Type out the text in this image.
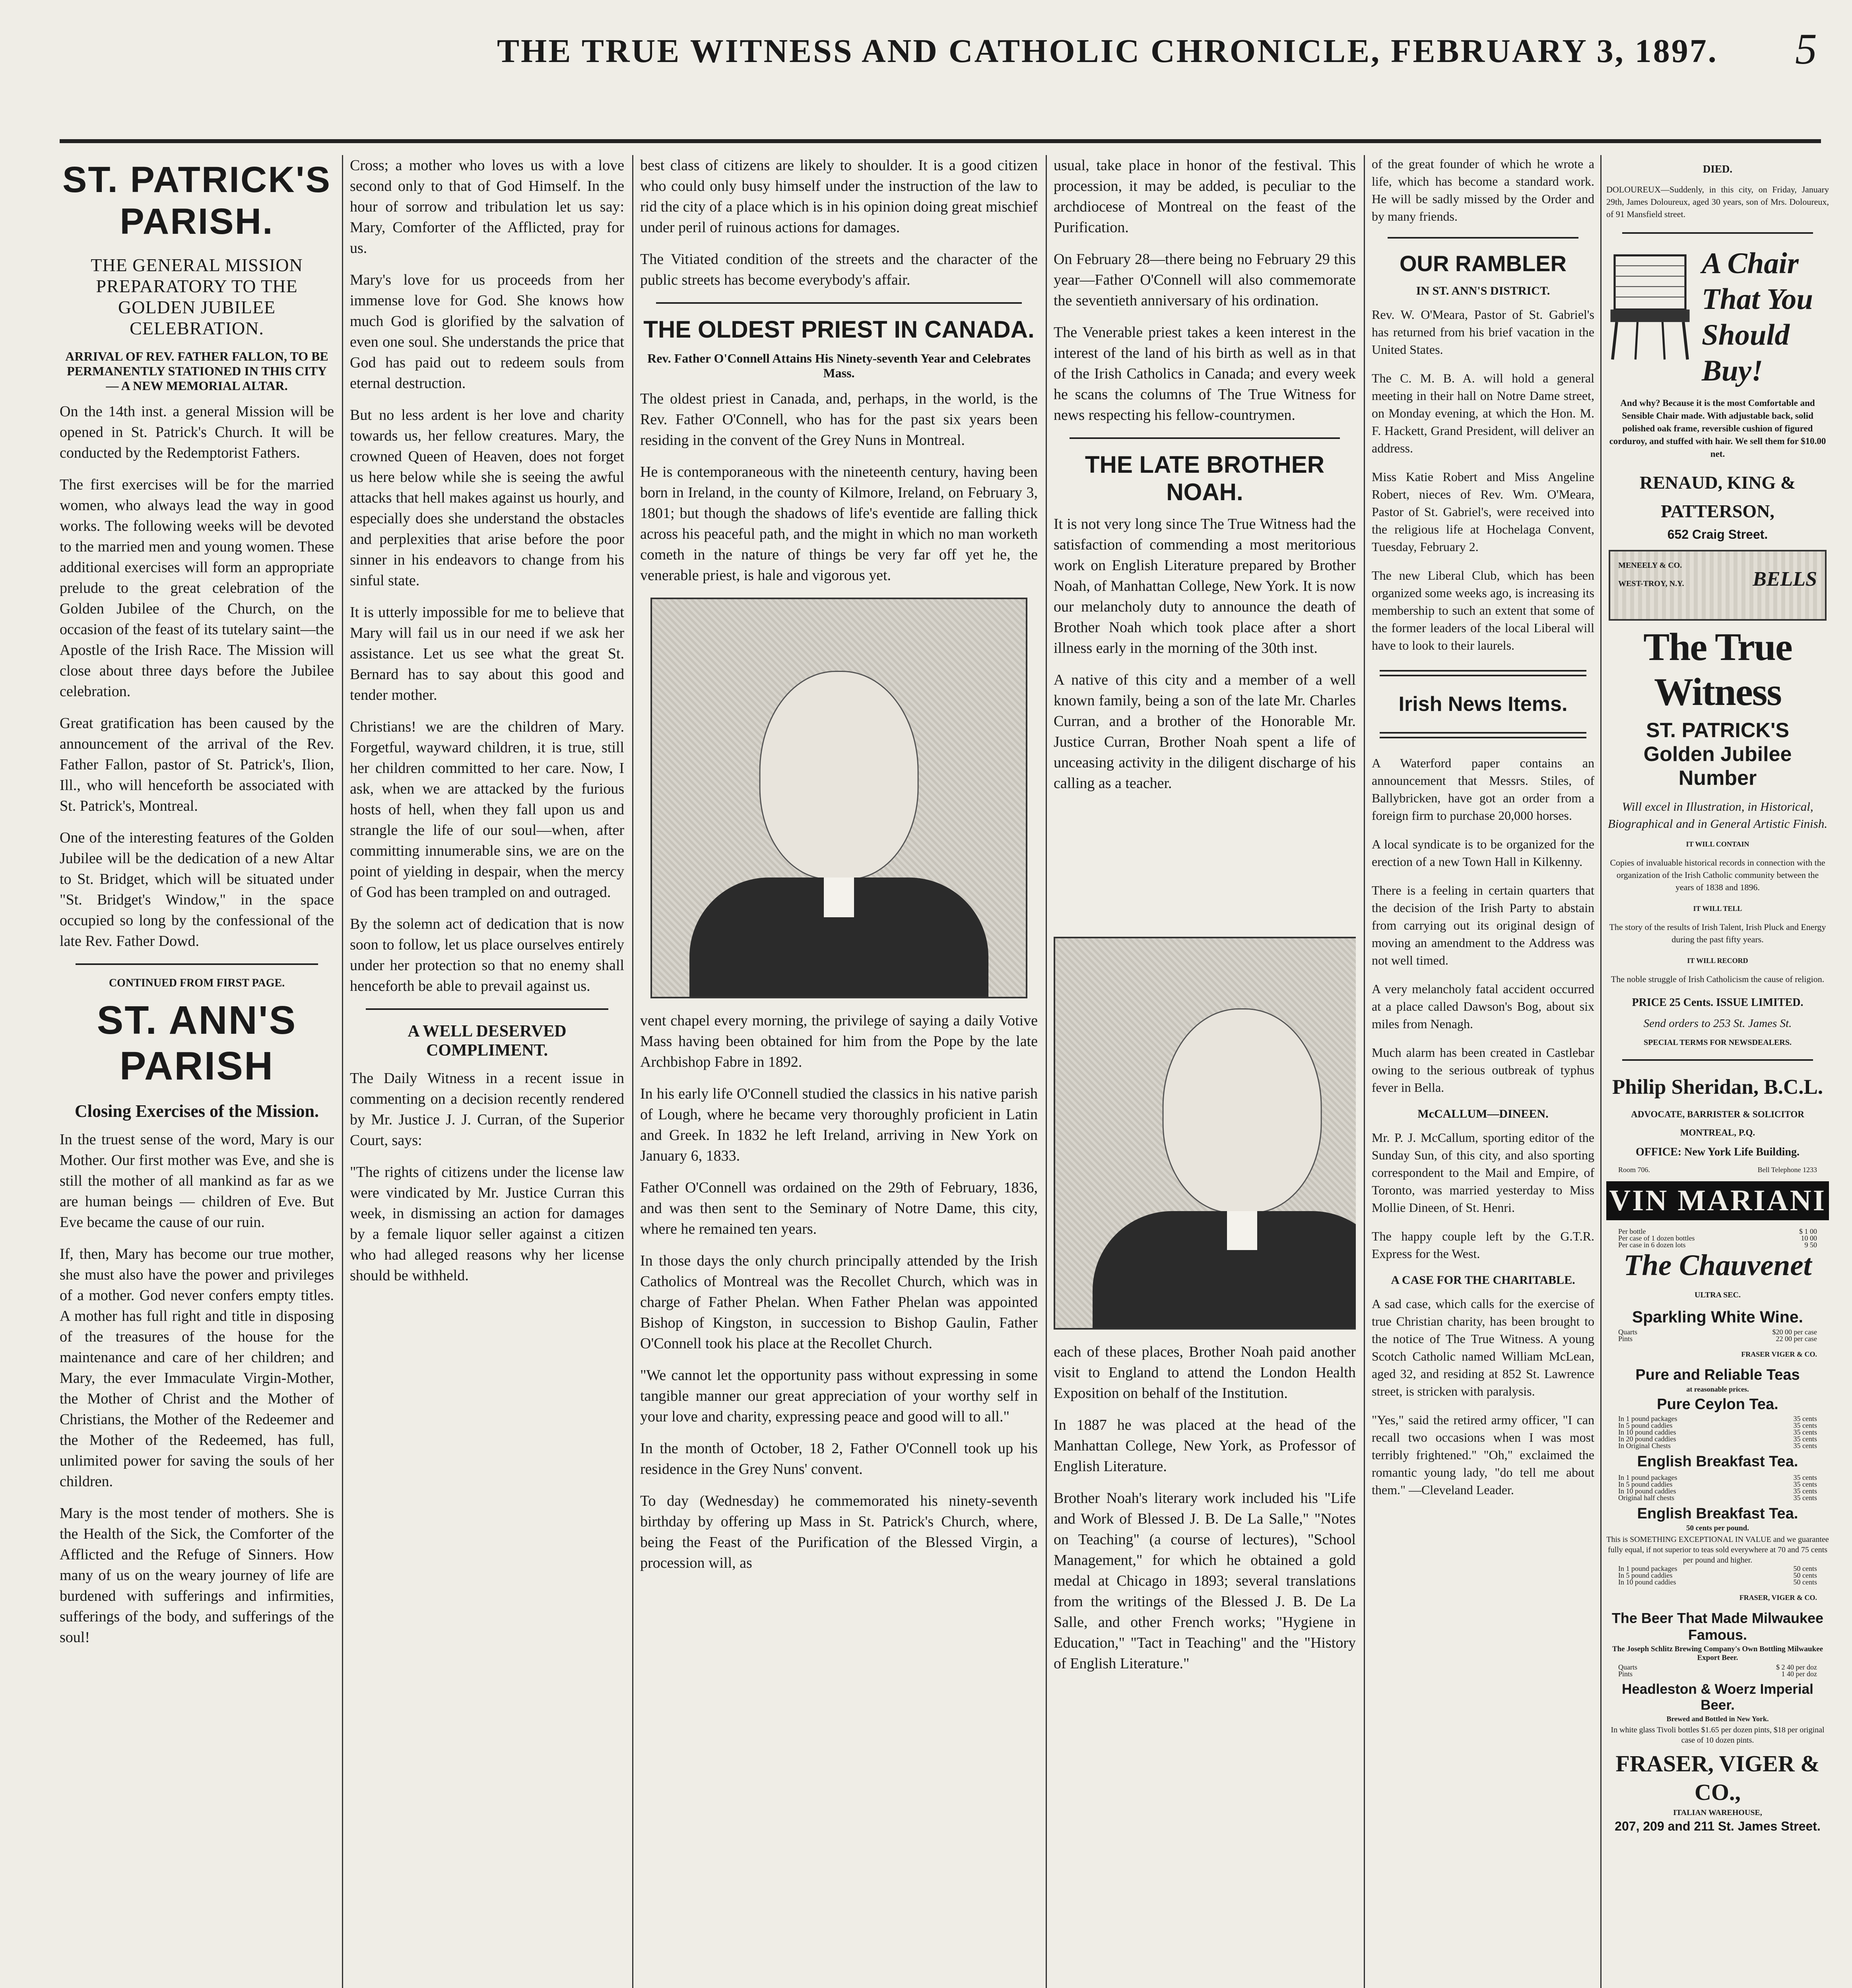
THE TRUE WITNESS AND CATHOLIC CHRONICLE, FEBRUARY 3, 1897. 5
ST. PATRICK'S PARISH.
THE GENERAL MISSION PREPARATORY TO THE GOLDEN JUBILEE CELEBRATION.
ARRIVAL OF REV. FATHER FALLON, TO BE PERMANENTLY STATIONED IN THIS CITY — A NEW MEMORIAL ALTAR.

On the 14th inst. a general Mission will be opened in St. Patrick's Church. It will be conducted by the Redemptorist Fathers.

The first exercises will be for the married women, who always lead the way in good works. The following weeks will be devoted to the married men and young women. These additional exercises will form an appropriate prelude to the great celebration of the Golden Jubilee of the Church, on the occasion of the feast of its tutelary saint—the Apostle of the Irish Race. The Mission will close about three days before the Jubilee celebration.

Great gratification has been caused by the announcement of the arrival of the Rev. Father Fallon, pastor of St. Patrick's, Ilion, Ill., who will henceforth be associated with St. Patrick's, Montreal.

One of the interesting features of the Golden Jubilee will be the dedication of a new Altar to St. Bridget, which will be situated under "St. Bridget's Window," in the space occupied so long by the confessional of the late Rev. Father Dowd.

CONTINUED FROM FIRST PAGE.
ST. ANN'S PARISH
Closing Exercises of the Mission.

In the truest sense of the word, Mary is our Mother. Our first mother was Eve, and she is still the mother of all mankind as far as we are human beings — children of Eve. But Eve became the cause of our ruin.

If, then, Mary has become our true mother, she must also have the power and privileges of a mother. God never confers empty titles. A mother has full right and title in disposing of the treasures of the house for the maintenance and care of her children; and Mary, the ever Immaculate Virgin-Mother, the Mother of Christ and the Mother of Christians, the Mother of the Redeemer and the Mother of the Redeemed, has full, unlimited power for saving the souls of her children.

Mary is the most tender of mothers. She is the Health of the Sick, the Comforter of the Afflicted and the Refuge of Sinners. How many of us on the weary journey of life are burdened with sufferings and infirmities, sufferings of the body, and sufferings of the soul!

Cross; a mother who loves us with a love second only to that of God Himself. In the hour of sorrow and tribulation let us say: Mary, Comforter of the Afflicted, pray for us.

Mary's love for us proceeds from her immense love for God. She knows how much God is glorified by the salvation of even one soul. She understands the price that God has paid out to redeem souls from eternal destruction.

But no less ardent is her love and charity towards us, her fellow creatures. Mary, the crowned Queen of Heaven, does not forget us here below while she is seeing the awful attacks that hell makes against us hourly, and especially does she understand the obstacles and perplexities that arise before the poor sinner in his endeavors to change from his sinful state.

It is utterly impossible for me to believe that Mary will fail us in our need if we ask her assistance. Let us see what the great St. Bernard has to say about this good and tender mother.

Christians! we are the children of Mary. Forgetful, wayward children, it is true, still her children committed to her care. Now, I ask, when we are attacked by the furious hosts of hell, when they fall upon us and strangle the life of our soul—when, after committing innumerable sins, we are on the point of yielding in despair, when the mercy of God has been trampled on and outraged.

By the solemn act of dedication that is now soon to follow, let us place ourselves entirely under her protection so that no enemy shall henceforth be able to prevail against us.

A WELL DESERVED COMPLIMENT.

The Daily Witness in a recent issue in commenting on a decision recently rendered by Mr. Justice J. J. Curran, of the Superior Court, says:

"The rights of citizens under the license law were vindicated by Mr. Justice Curran this week, in dismissing an action for damages by a female liquor seller against a citizen who had alleged reasons why her license should be withheld.

best class of citizens are likely to shoulder. It is a good citizen who could only busy himself under the instruction of the law to rid the city of a place which is in his opinion doing great mischief under peril of ruinous actions for damages.

The Vitiated condition of the streets and the character of the public streets has become everybody's affair.

THE OLDEST PRIEST IN CANADA.
Rev. Father O'Connell Attains His Ninety-seventh Year and Celebrates Mass.

The oldest priest in Canada, and, perhaps, in the world, is the Rev. Father O'Connell, who has for the past six years been residing in the convent of the Grey Nuns in Montreal.

He is contemporaneous with the nineteenth century, having been born in Ireland, in the county of Kilmore, Ireland, on February 3, 1801; but though the shadows of life's eventide are falling thick across his peaceful path, and the might in which no man worketh cometh in the nature of things be very far off yet he, the venerable priest, is hale and vigorous yet.

vent chapel every morning, the privilege of saying a daily Votive Mass having been obtained for him from the Pope by the late Archbishop Fabre in 1892.

In his early life O'Connell studied the classics in his native parish of Lough, where he became very thoroughly proficient in Latin and Greek. In 1832 he left Ireland, arriving in New York on January 6, 1833.

Father O'Connell was ordained on the 29th of February, 1836, and was then sent to the Seminary of Notre Dame, this city, where he remained ten years.

In those days the only church principally attended by the Irish Catholics of Montreal was the Recollet Church, which was in charge of Father Phelan. When Father Phelan was appointed Bishop of Kingston, in succession to Bishop Gaulin, Father O'Connell took his place at the Recollet Church.

"We cannot let the opportunity pass without expressing in some tangible manner our great appreciation of your worthy self in your love and charity, expressing peace and good will to all."

In the month of October, 18 2, Father O'Connell took up his residence in the Grey Nuns' convent.

To day (Wednesday) he commemorated his ninety-seventh birthday by offering up Mass in St. Patrick's Church, where, being the Feast of the Purification of the Blessed Virgin, a procession will, as

usual, take place in honor of the festival. This procession, it may be added, is peculiar to the archdiocese of Montreal on the feast of the Purification.

On February 28—there being no February 29 this year—Father O'Connell will also commemorate the seventieth anniversary of his ordination.

The Venerable priest takes a keen interest in the interest of the land of his birth as well as in that of the Irish Catholics in Canada; and every week he scans the columns of The True Witness for news respecting his fellow-countrymen.

THE LATE BROTHER NOAH.

It is not very long since The True Witness had the satisfaction of commending a most meritorious work on English Literature prepared by Brother Noah, of Manhattan College, New York. It is now our melancholy duty to announce the death of Brother Noah which took place after a short illness early in the morning of the 30th inst.

A native of this city and a member of a well known family, being a son of the late Mr. Charles Curran, and a brother of the Honorable Mr. Justice Curran, Brother Noah spent a life of unceasing activity in the diligent discharge of his calling as a teacher.

each of these places, Brother Noah paid another visit to England to attend the London Health Exposition on behalf of the Institution.

In 1887 he was placed at the head of the Manhattan College, New York, as Professor of English Literature.

Brother Noah's literary work included his "Life and Work of Blessed J. B. De La Salle," "Notes on Teaching" (a course of lectures), "School Management," for which he obtained a gold medal at Chicago in 1893; several translations from the writings of the Blessed J. B. De La Salle, and other French works; "Hygiene in Education," "Tact in Teaching" and the "History of English Literature."

DIED.

DOLOUREUX—Suddenly, in this city, on Friday, January 29th, James Doloureux, aged 30 years, son of Mrs. Doloureux, of 91 Mansfield street.

A Chair
That You
Should Buy!
And why? Because it is the most Comfortable and Sensible Chair made. With adjustable back, solid polished oak frame, reversible cushion of figured corduroy, and stuffed with hair. We sell them for $10.00 net.
RENAUD, KING & PATTERSON,
652 Craig Street.
MENEELY & CO.
WEST-TROY, N.Y.	BELLS
The True Witness
ST. PATRICK'S
Golden Jubilee Number
Will excel in Illustration, in Historical, Biographical and in General Artistic Finish.
IT WILL CONTAIN

Copies of invaluable historical records in connection with the organization of the Irish Catholic community between the years of 1838 and 1896.

IT WILL TELL

The story of the results of Irish Talent, Irish Pluck and Energy during the past fifty years.

IT WILL RECORD

The noble struggle of Irish Catholicism the cause of religion.

PRICE 25 Cents. ISSUE LIMITED.
Send orders to 253 St. James St.
SPECIAL TERMS FOR NEWSDEALERS.
Philip Sheridan, B.C.L.
ADVOCATE, BARRISTER & SOLICITOR
MONTREAL, P.Q.
OFFICE: New York Life Building.
Room 706.	Bell Telephone 1233
VIN MARIANI
Per bottle	$ 1 00
Per case of 1 dozen bottles	10 00
Per case in 6 dozen lots	9 50
The Chauvenet
ULTRA SEC.
Sparkling White Wine.
Quarts	$20 00 per case
Pints	22 00 per case
FRASER VIGER & CO.
Pure and Reliable Teas
at reasonable prices.
Pure Ceylon Tea.
In 1 pound packages	35 cents
In 5 pound caddies	35 cents
In 10 pound caddies	35 cents
In 20 pound caddies	35 cents
In Original Chests	35 cents
English Breakfast Tea.
In 1 pound packages	35 cents
In 5 pound caddies	35 cents
In 10 pound caddies	35 cents
Original half chests	35 cents
English Breakfast Tea.
50 cents per pound.
This is SOMETHING EXCEPTIONAL IN VALUE and we guarantee fully equal, if not superior to teas sold everywhere at 70 and 75 cents per pound and higher.
In 1 pound packages	50 cents
In 5 pound caddies	50 cents
In 10 pound caddies	50 cents
FRASER, VIGER & CO.
The Beer That Made Milwaukee Famous.
The Joseph Schlitz Brewing Company's Own Bottling Milwaukee Export Beer.
Quarts	$ 2 40 per doz
Pints	1 40 per doz
Headleston & Woerz Imperial Beer.
Brewed and Bottled in New York.
In white glass Tivoli bottles $1.65 per dozen pints, $18 per original case of 10 dozen pints.
FRASER, VIGER & CO.,
ITALIAN WAREHOUSE,
207, 209 and 211 St. James Street.

of the great founder of which he wrote a life, which has become a standard work. He will be sadly missed by the Order and by many friends.

OUR RAMBLER
IN ST. ANN'S DISTRICT.

Rev. W. O'Meara, Pastor of St. Gabriel's has returned from his brief vacation in the United States.

The C. M. B. A. will hold a general meeting in their hall on Notre Dame street, on Monday evening, at which the Hon. M. F. Hackett, Grand President, will deliver an address.

Miss Katie Robert and Miss Angeline Robert, nieces of Rev. Wm. O'Meara, Pastor of St. Gabriel's, were received into the religious life at Hochelaga Convent, Tuesday, February 2.

The new Liberal Club, which has been organized some weeks ago, is increasing its membership to such an extent that some of the former leaders of the local Liberal will have to look to their laurels.

Irish News Items.

A Waterford paper contains an announcement that Messrs. Stiles, of Ballybricken, have got an order from a foreign firm to purchase 20,000 horses.

A local syndicate is to be organized for the erection of a new Town Hall in Kilkenny.

There is a feeling in certain quarters that the decision of the Irish Party to abstain from carrying out its original design of moving an amendment to the Address was not well timed.

A very melancholy fatal accident occurred at a place called Dawson's Bog, about six miles from Nenagh.

Much alarm has been created in Castlebar owing to the serious outbreak of typhus fever in Bella.

McCALLUM—DINEEN.

Mr. P. J. McCallum, sporting editor of the Sunday Sun, of this city, and also sporting correspondent to the Mail and Empire, of Toronto, was married yesterday to Miss Mollie Dineen, of St. Henri.

The happy couple left by the G.T.R. Express for the West.

A CASE FOR THE CHARITABLE.

A sad case, which calls for the exercise of true Christian charity, has been brought to the notice of The True Witness. A young Scotch Catholic named William McLean, aged 32, and residing at 852 St. Lawrence street, is stricken with paralysis.

"Yes," said the retired army officer, "I can recall two occasions when I was most terribly frightened." "Oh," exclaimed the romantic young lady, "do tell me about them." —Cleveland Leader.
